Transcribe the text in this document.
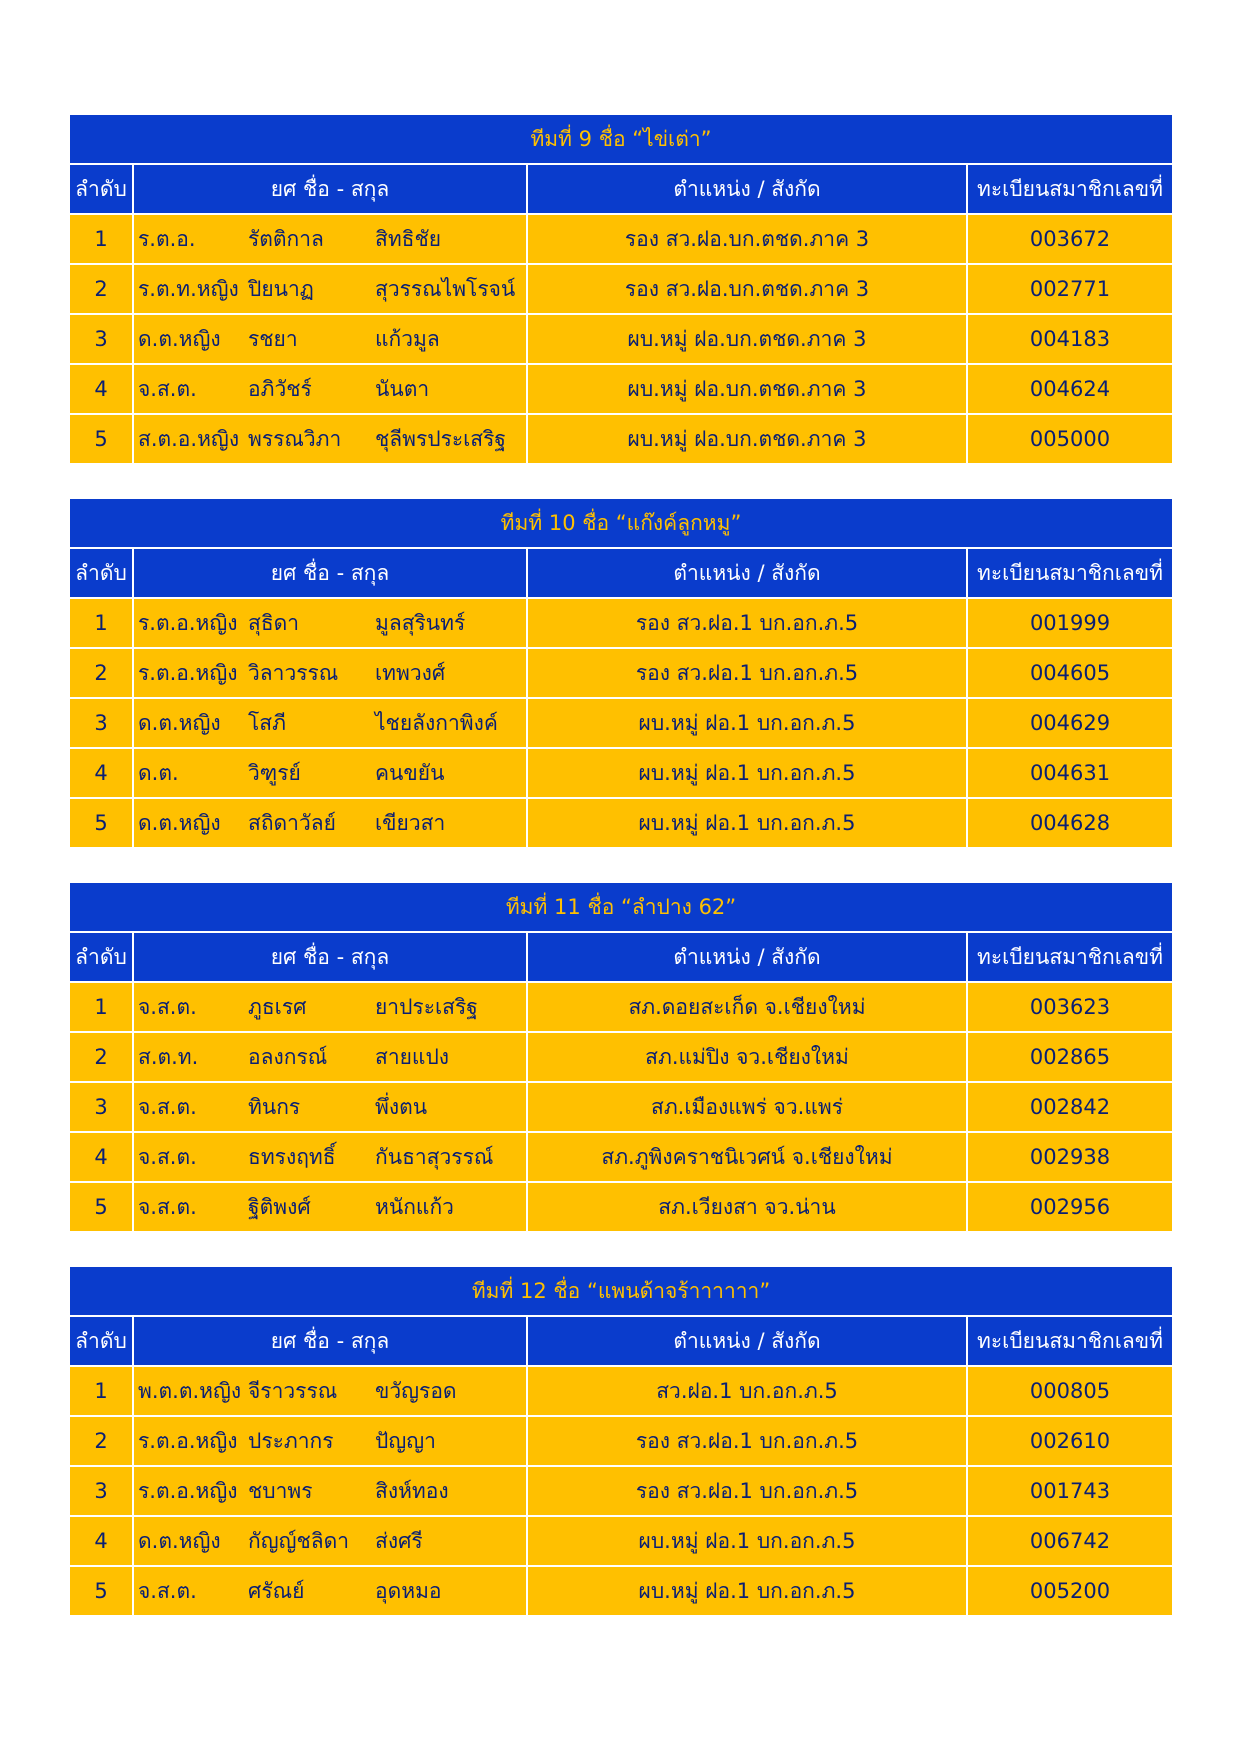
ทีมที่ 9 ชื่อ “ไข่เต่า”			
ลำดับ	ยศ ชื่อ - สกุล	ตำแหน่ง / สังกัด	ทะเบียนสมาชิกเลขที่
1	ร.ต.อ. รัตติกาล สิทธิชัย	รอง สว.ฝอ.บก.ตชด.ภาค 3	003672
2	ร.ต.ท.หญิง ปิยนาฏ สุวรรณไพโรจน์	รอง สว.ฝอ.บก.ตชด.ภาค 3	002771
3	ด.ต.หญิง รชยา แก้วมูล	ผบ.หมู่ ฝอ.บก.ตชด.ภาค 3	004183
4	จ.ส.ต. อภิวัชร์ นันตา	ผบ.หมู่ ฝอ.บก.ตชด.ภาค 3	004624
5	ส.ต.อ.หญิง พรรณวิภา ชุลีพรประเสริฐ	ผบ.หมู่ ฝอ.บก.ตชด.ภาค 3	005000
ทีมที่ 10 ชื่อ “แก๊งค์ลูกหมู”			
ลำดับ	ยศ ชื่อ - สกุล	ตำแหน่ง / สังกัด	ทะเบียนสมาชิกเลขที่
1	ร.ต.อ.หญิง สุธิดา มูลสุรินทร์	รอง สว.ฝอ.1 บก.อก.ภ.5	001999
2	ร.ต.อ.หญิง วิลาวรรณ เทพวงศ์	รอง สว.ฝอ.1 บก.อก.ภ.5	004605
3	ด.ต.หญิง โสภี ไชยลังกาพิงค์	ผบ.หมู่ ฝอ.1 บก.อก.ภ.5	004629
4	ด.ต. วิฑูรย์ คนขยัน	ผบ.หมู่ ฝอ.1 บก.อก.ภ.5	004631
5	ด.ต.หญิง สถิดาวัลย์ เขียวสา	ผบ.หมู่ ฝอ.1 บก.อก.ภ.5	004628
ทีมที่ 11 ชื่อ “ลำปาง 62”			
ลำดับ	ยศ ชื่อ - สกุล	ตำแหน่ง / สังกัด	ทะเบียนสมาชิกเลขที่
1	จ.ส.ต. ภูธเรศ ยาประเสริฐ	สภ.ดอยสะเก็ด จ.เชียงใหม่	003623
2	ส.ต.ท. อลงกรณ์ สายแปง	สภ.แม่ปิง จว.เชียงใหม่	002865
3	จ.ส.ต. ทินกร พึ่งตน	สภ.เมืองแพร่ จว.แพร่	002842
4	จ.ส.ต. ธทรงฤทธิ์ กันธาสุวรรณ์	สภ.ภูพิงคราชนิเวศน์ จ.เชียงใหม่	002938
5	จ.ส.ต. ฐิติพงศ์ หนักแก้ว	สภ.เวียงสา จว.น่าน	002956
ทีมที่ 12 ชื่อ “แพนด้าจร้าาาาาา”			
ลำดับ	ยศ ชื่อ - สกุล	ตำแหน่ง / สังกัด	ทะเบียนสมาชิกเลขที่
1	พ.ต.ต.หญิง จีราวรรณ ขวัญรอด	สว.ฝอ.1 บก.อก.ภ.5	000805
2	ร.ต.อ.หญิง ประภากร ปัญญา	รอง สว.ฝอ.1 บก.อก.ภ.5	002610
3	ร.ต.อ.หญิง ชบาพร สิงห์ทอง	รอง สว.ฝอ.1 บก.อก.ภ.5	001743
4	ด.ต.หญิง กัญญ์ชลิดา ส่งศรี	ผบ.หมู่ ฝอ.1 บก.อก.ภ.5	006742
5	จ.ส.ต. ศรัณย์ อุดหมอ	ผบ.หมู่ ฝอ.1 บก.อก.ภ.5	005200
